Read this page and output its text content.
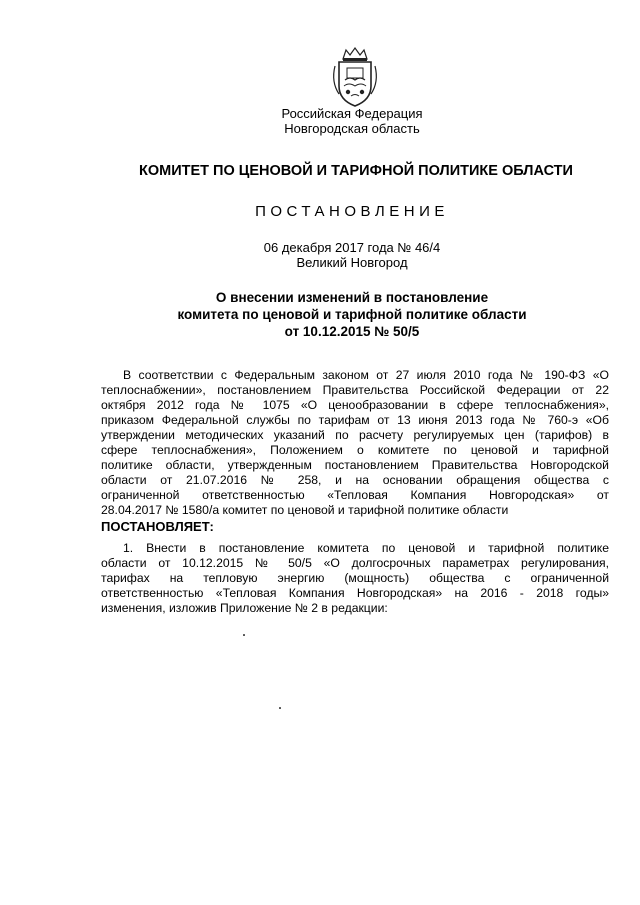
Российская Федерация
Новгородская область
КОМИТЕТ ПО ЦЕНОВОЙ И ТАРИФНОЙ ПОЛИТИКЕ ОБЛАСТИ
ПОСТАНОВЛЕНИЕ
06 декабря 2017 года № 46/4
Великий Новгород
О внесении изменений в постановление
комитета по ценовой и тарифной политике области
от 10.12.2015 № 50/5
В соответствии с Федеральным законом от 27 июля 2010 года № 190-ФЗ «О
теплоснабжении», постановлением Правительства Российской Федерации от 22
октября 2012 года № 1075 «О ценообразовании в сфере теплоснабжения»,
приказом Федеральной службы по тарифам от 13 июня 2013 года № 760-э «Об
утверждении методических указаний по расчету регулируемых цен (тарифов) в
сфере теплоснабжения», Положением о комитете по ценовой и тарифной
политике области, утвержденным постановлением Правительства Новгородской
области от 21.07.2016 № 258, и на основании обращения общества с
ограниченной ответственностью «Тепловая Компания Новгородская» от
28.04.2017 № 1580/а комитет по ценовой и тарифной политике области
ПОСТАНОВЛЯЕТ:
1. Внести в постановление комитета по ценовой и тарифной политике
области от 10.12.2015 № 50/5 «О долгосрочных параметрах регулирования,
тарифах на тепловую энергию (мощность) общества с ограниченной
ответственностью «Тепловая Компания Новгородская» на 2016 - 2018 годы»
изменения, изложив Приложение № 2 в редакции:
